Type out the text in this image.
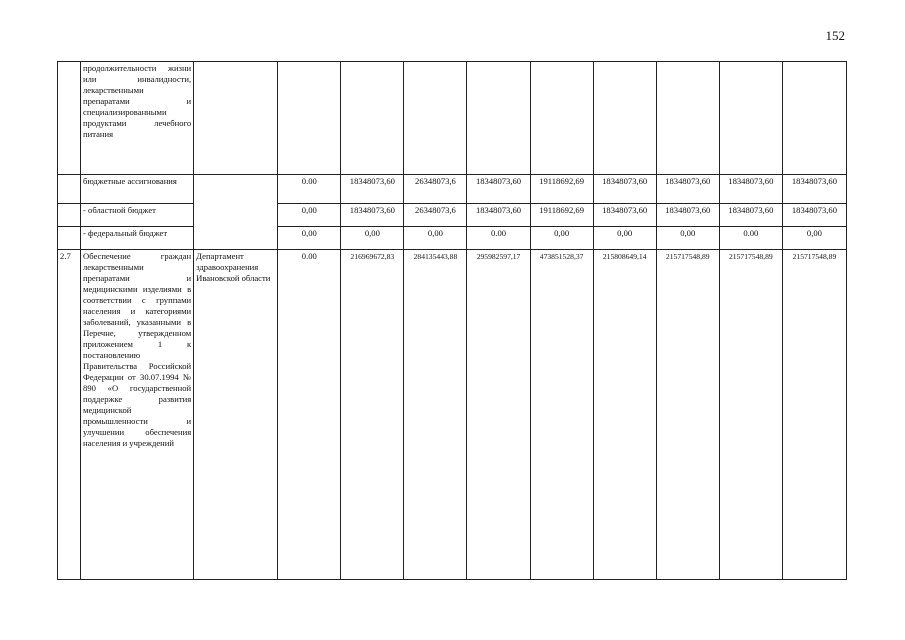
152
	продолжительности жизни или инвалидности, лекарственными препаратами и специализированными продуктами лечебного питания										
	бюджетные ассигнования		0.00	18348073,60	26348073,6	18348073,60	19118692,69	18348073,60	18348073,60	18348073,60	18348073,60
	- областной бюджет		0,00	18348073,60	26348073,6	18348073,60	19118692,69	18348073,60	18348073,60	18348073,60	18348073,60
	- федеральный бюджет		0,00	0,00	0,00	0.00	0,00	0,00	0,00	0.00	0,00
2.7	Обеспечение граждан лекарственными препаратами и медицинскими изделиями в соответствии с группами населения и категориями заболеваний, указанными в Перечне, утвержденном приложением 1 к постановлению Правительства Российской Федерации от 30.07.1994 № 890 «О государственной поддержке развития медицинской промышленности и улучшении обеспечения населения и учреждений	Департамент здравоохранения Ивановской области	0.00	216969672,83	284135443,88	295982597,17	473851528,37	215808649,14	215717548,89	215717548,89	215717548,89
